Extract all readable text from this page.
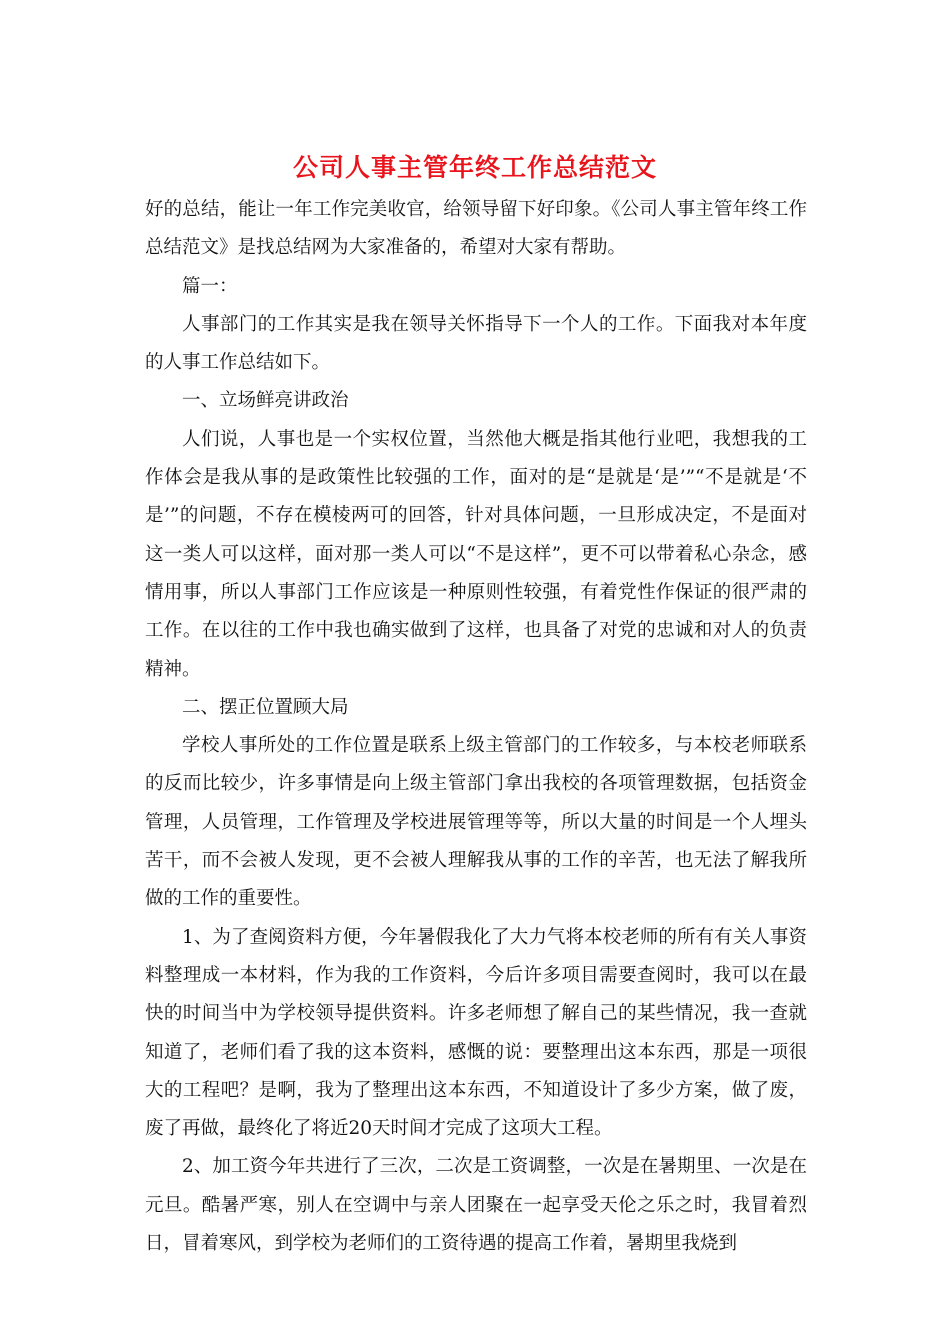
公司人事主管年终工作总结范文

好的总结，能让一年工作完美收官，给领导留下好印象。《公司人事主管年终工作总结范文》是找总结网为大家准备的，希望对大家有帮助。

篇一：

人事部门的工作其实是我在领导关怀指导下一个人的工作。下面我对本年度的人事工作总结如下。

一、立场鲜亮讲政治

人们说，人事也是一个实权位置，当然他大概是指其他行业吧，我想我的工作体会是我从事的是政策性比较强的工作，面对的是“是就是‘是’”“不是就是‘不是’”的问题，不存在模棱两可的回答，针对具体问题，一旦形成决定，不是面对这一类人可以这样，面对那一类人可以“不是这样”，更不可以带着私心杂念，感情用事，所以人事部门工作应该是一种原则性较强，有着党性作保证的很严肃的工作。在以往的工作中我也确实做到了这样，也具备了对党的忠诚和对人的负责精神。

二、摆正位置顾大局

学校人事所处的工作位置是联系上级主管部门的工作较多，与本校老师联系的反而比较少，许多事情是向上级主管部门拿出我校的各项管理数据，包括资金管理，人员管理，工作管理及学校进展管理等等，所以大量的时间是一个人埋头苦干，而不会被人发现，更不会被人理解我从事的工作的辛苦，也无法了解我所做的工作的重要性。

1、为了查阅资料方便，今年暑假我化了大力气将本校老师的所有有关人事资料整理成一本材料，作为我的工作资料，今后许多项目需要查阅时，我可以在最快的时间当中为学校领导提供资料。许多老师想了解自己的某些情况，我一查就知道了，老师们看了我的这本资料，感慨的说：要整理出这本东西，那是一项很大的工程吧？是啊，我为了整理出这本东西，不知道设计了多少方案，做了废，废了再做，最终化了将近20天时间才完成了这项大工程。

2、加工资今年共进行了三次，二次是工资调整，一次是在暑期里、一次是在元旦。酷暑严寒，别人在空调中与亲人团聚在一起享受天伦之乐之时，我冒着烈日，冒着寒风，到学校为老师们的工资待遇的提高工作着，暑期里我烧到
